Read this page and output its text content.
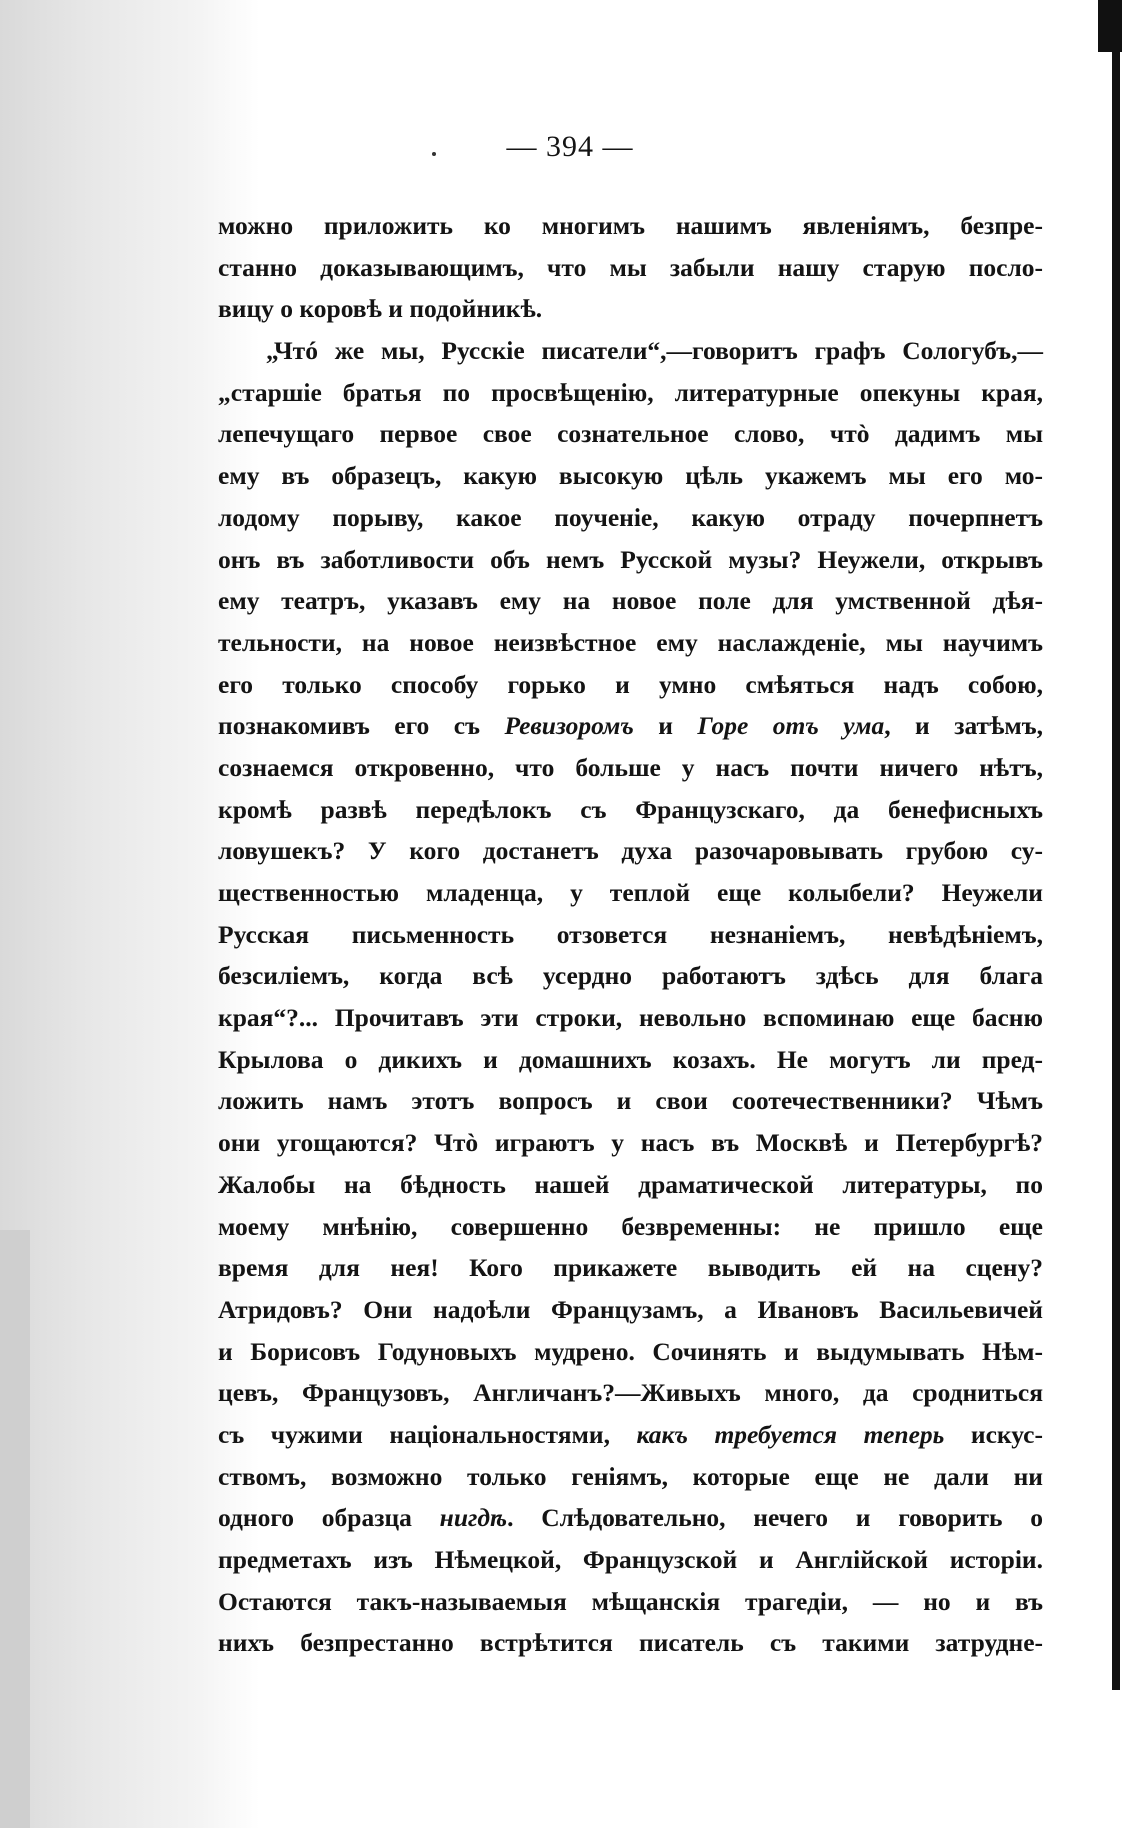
— 394 —
можно приложить ко многимъ нашимъ явленіямъ, безпре-
станно доказывающимъ, что мы забыли нашу старую посло-
вицу о коровѣ и подойникѣ.
„Чтó же мы, Русскіе писатели“,—говоритъ графъ Сологубъ,—
„старшіе братья по просвѣщенію, литературные опекуны края,
лепечущаго первое свое сознательное слово, чтò дадимъ мы
ему въ образецъ, какую высокую цѣль укажемъ мы его мо-
лодому порыву, какое поученіе, какую отраду почерпнетъ
онъ въ заботливости объ немъ Русской музы? Неужели, открывъ
ему театръ, указавъ ему на новое поле для умственной дѣя-
тельности, на новое неизвѣстное ему наслажденіе, мы научимъ
его только способу горько и умно смѣяться надъ собою,
познакомивъ его съ Ревизоромъ и Горе отъ ума, и затѣмъ,
сознаемся откровенно, что больше у насъ почти ничего нѣтъ,
кромѣ развѣ передѣлокъ съ Французскаго, да бенефисныхъ
ловушекъ? У кого достанетъ духа разочаровывать грубою су-
щественностью младенца, у теплой еще колыбели? Неужели
Русская письменность отзовется незнаніемъ, невѣдѣніемъ,
безсиліемъ, когда всѣ усердно работаютъ здѣсь для блага
края“?... Прочитавъ эти строки, невольно вспоминаю еще басню
Крылова о дикихъ и домашнихъ козахъ. Не могутъ ли пред-
ложить намъ этотъ вопросъ и свои соотечественники? Чѣмъ
они угощаются? Чтò играютъ у насъ въ Москвѣ и Петербургѣ?
Жалобы на бѣдность нашей драматической литературы, по
моему мнѣнію, совершенно безвременны: не пришло еще
время для нея! Кого прикажете выводить ей на сцену?
Атридовъ? Они надоѣли Французамъ, а Ивановъ Васильевичей
и Борисовъ Годуновыхъ мудрено. Сочинять и выдумывать Нѣм-
цевъ, Французовъ, Англичанъ?—Живыхъ много, да сродниться
съ чужими національностями, какъ требуется теперь искус-
ствомъ, возможно только геніямъ, которые еще не дали ни
одного образца нигдѣ. Слѣдовательно, нечего и говорить о
предметахъ изъ Нѣмецкой, Французской и Англійской исторіи.
Остаются такъ-называемыя мѣщанскія трагедіи, — но и въ
нихъ безпрестанно встрѣтится писатель съ такими затрудне-
